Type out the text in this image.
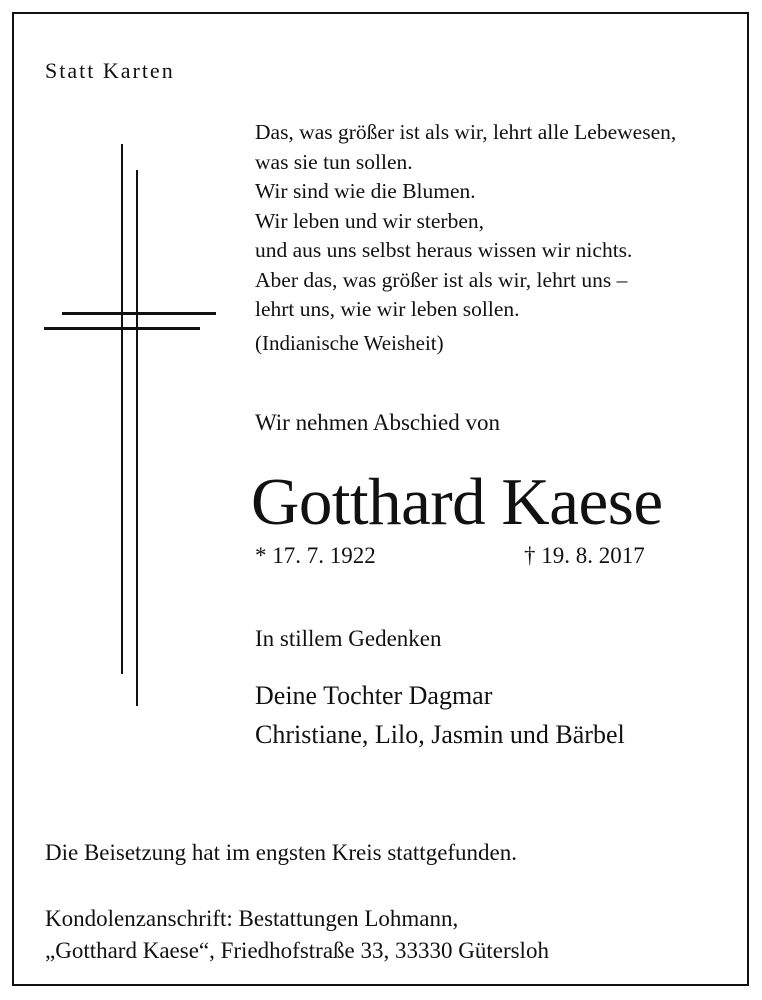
Statt Karten

Das, was größer ist als wir, lehrt alle Lebewesen,
was sie tun sollen.
Wir sind wie die Blumen.
Wir leben und wir sterben,
und aus uns selbst heraus wissen wir nichts.
Aber das, was größer ist als wir, lehrt uns –
lehrt uns, wie wir leben sollen.

(Indianische Weisheit)

Wir nehmen Abschied von

Gotthard Kaese

* 17. 7. 1922	† 19. 8. 2017

In stillem Gedenken

Deine Tochter Dagmar
Christiane, Lilo, Jasmin und Bärbel

Die Beisetzung hat im engsten Kreis stattgefunden.

Kondolenzanschrift: Bestattungen Lohmann,
„Gotthard Kaese“, Friedhofstraße 33, 33330 Gütersloh
